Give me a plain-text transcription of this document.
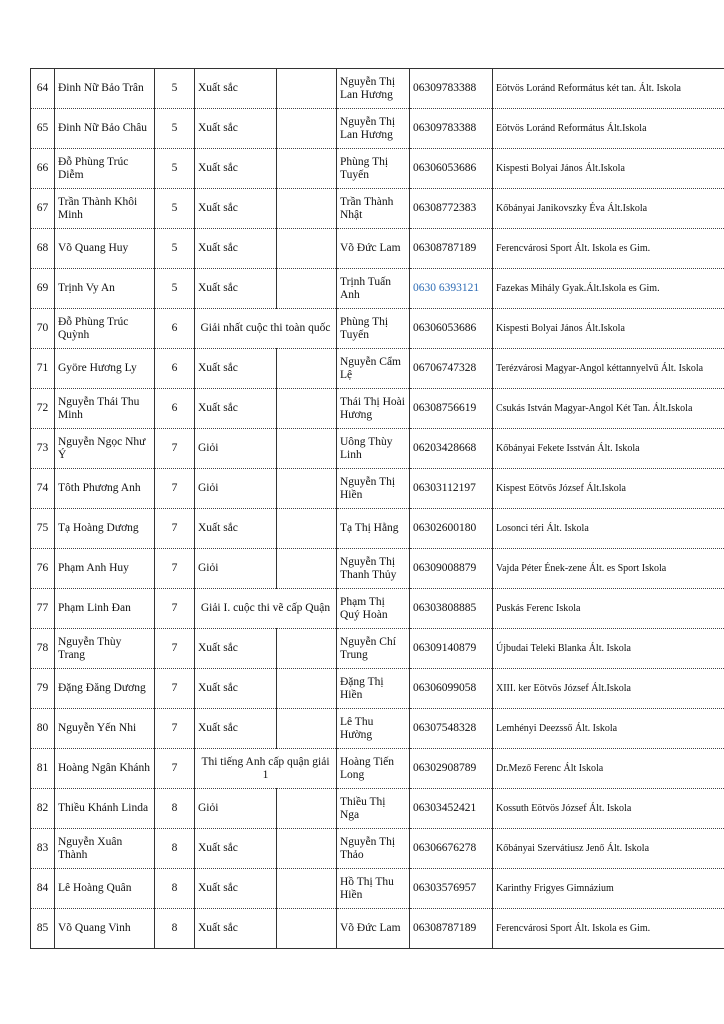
64	Đinh Nữ Bảo Trân	5	Xuất sắc		Nguyễn Thị Lan Hương	06309783388	Eötvös Loránd Református két tan. Ált. Iskola
65	Đinh Nữ Bảo Châu	5	Xuất sắc		Nguyễn Thị Lan Hương	06309783388	Eötvös Loránd Református Ált.Iskola
66	Đỗ Phùng Trúc Diễm	5	Xuất sắc		Phùng Thị Tuyến	06306053686	Kispesti Bolyai János Ált.Iskola
67	Trần Thành Khôi Minh	5	Xuất sắc		Trần Thành Nhật	06308772383	Kőbányai Janikovszky Éva Ált.Iskola
68	Võ Quang Huy	5	Xuất sắc		Võ Đức Lam	06308787189	Ferencvárosi Sport Ált. Iskola es Gim.
69	Trịnh Vy An	5	Xuất sắc		Trịnh Tuấn Anh	0630 6393121	Fazekas Mihály Gyak.Ált.Iskola es Gim.
70	Đỗ Phùng Trúc Quỳnh	6	Giải nhất cuộc thi toàn quốc		Phùng Thị Tuyến	06306053686	Kispesti Bolyai János Ált.Iskola
71	Györe Hương Ly	6	Xuất sắc		Nguyễn Cẩm Lệ	06706747328	Terézvárosi Magyar-Angol kéttannyelvű Ált. Iskola
72	Nguyễn Thái Thu Minh	6	Xuất sắc		Thái Thị Hoài Hương	06308756619	Csukás István Magyar-Angol Két Tan. Ált.Iskola
73	Nguyễn Ngọc Như Ý	7	Giỏi		Uông Thùy Linh	06203428668	Kőbányai Fekete Isstván Ált. Iskola
74	Tôth Phương Anh	7	Giỏi		Nguyễn Thị Hiền	06303112197	Kispest Eötvös József Ált.Iskola
75	Tạ Hoàng Dương	7	Xuất sắc		Tạ Thị Hằng	06302600180	Losonci téri Ált. Iskola
76	Phạm Anh Huy	7	Giỏi		Nguyễn Thị Thanh Thủy	06309008879	Vajda Péter Ének-zene Ált. es Sport Iskola
77	Phạm Linh Đan	7	Giải I. cuộc thi vẽ cấp Quận		Phạm Thị Quý Hoàn	06303808885	Puskás Ferenc Iskola
78	Nguyễn Thùy Trang	7	Xuất sắc		Nguyễn Chí Trung	06309140879	Újbudai Teleki Blanka Ált. Iskola
79	Đặng Đăng Dương	7	Xuất sắc		Đặng Thị Hiền	06306099058	XIII. ker Eötvös József Ált.Iskola
80	Nguyễn Yến Nhi	7	Xuất sắc		Lê Thu Hường	06307548328	Lemhényi Deezsső Ált. Iskola
81	Hoàng Ngân Khánh	7	Thi tiếng Anh cấp quận giải 1		Hoàng Tiến Long	06302908789	Dr.Mező Ferenc Ált Iskola
82	Thiều Khánh Linda	8	Giỏi		Thiều Thị Nga	06303452421	Kossuth Eötvös József Ált. Iskola
83	Nguyễn Xuân Thành	8	Xuất sắc		Nguyễn Thị Thảo	06306676278	Kőbányai Szervátiusz Jenő Ált. Iskola
84	Lê Hoàng Quân	8	Xuất sắc		Hồ Thị Thu Hiền	06303576957	Karinthy Frigyes Gimnázium
85	Võ Quang Vinh	8	Xuất sắc		Võ Đức Lam	06308787189	Ferencvárosi Sport Ált. Iskola es Gim.
